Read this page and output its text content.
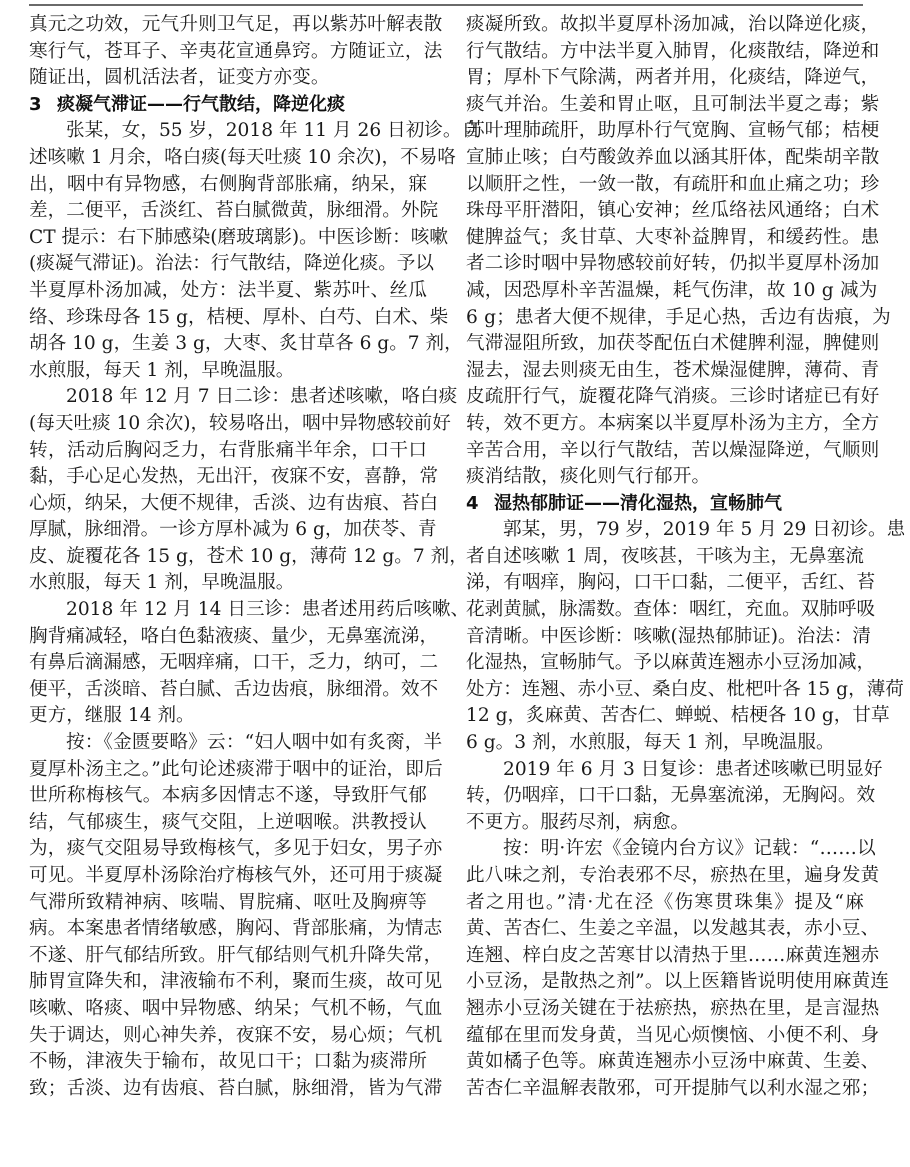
真元之功效，元气升则卫气足，再以紫苏叶解表散
寒行气，苍耳子、辛夷花宣通鼻窍。方随证立，法
随证出，圆机活法者，证变方亦变。
3 痰凝气滞证——行气散结，降逆化痰
张某，女，55 岁，2018 年 11 月 26 日初诊。自
述咳嗽 1 月余，咯白痰(每天吐痰 10 余次)，不易咯
出，咽中有异物感，右侧胸背部胀痛，纳呆，寐
差，二便平，舌淡红、苔白腻微黄，脉细滑。外院
CT 提示：右下肺感染(磨玻璃影)。中医诊断：咳嗽
(痰凝气滞证)。治法：行气散结，降逆化痰。予以
半夏厚朴汤加减，处方：法半夏、紫苏叶、丝瓜
络、珍珠母各 15 g，桔梗、厚朴、白芍、白术、柴
胡各 10 g，生姜 3 g，大枣、炙甘草各 6 g。7 剂，
水煎服，每天 1 剂，早晚温服。
2018 年 12 月 7 日二诊：患者述咳嗽，咯白痰
(每天吐痰 10 余次)，较易咯出，咽中异物感较前好
转，活动后胸闷乏力，右背胀痛半年余，口干口
黏，手心足心发热，无出汗，夜寐不安，喜静，常
心烦，纳呆，大便不规律，舌淡、边有齿痕、苔白
厚腻，脉细滑。一诊方厚朴减为 6 g，加茯苓、青
皮、旋覆花各 15 g，苍术 10 g，薄荷 12 g。7 剂，
水煎服，每天 1 剂，早晚温服。
2018 年 12 月 14 日三诊：患者述用药后咳嗽、
胸背痛减轻，咯白色黏液痰、量少，无鼻塞流涕，
有鼻后滴漏感，无咽痒痛，口干，乏力，纳可，二
便平，舌淡暗、苔白腻、舌边齿痕，脉细滑。效不
更方，继服 14 剂。
按：《金匮要略》云：“妇人咽中如有炙脔，半
夏厚朴汤主之。”此句论述痰滞于咽中的证治，即后
世所称梅核气。本病多因情志不遂，导致肝气郁
结，气郁痰生，痰气交阻，上逆咽喉。洪教授认
为，痰气交阻易导致梅核气，多见于妇女，男子亦
可见。半夏厚朴汤除治疗梅核气外，还可用于痰凝
气滞所致精神病、咳喘、胃脘痛、呕吐及胸痹等
病。本案患者情绪敏感，胸闷、背部胀痛，为情志
不遂、肝气郁结所致。肝气郁结则气机升降失常，
肺胃宣降失和，津液输布不利，聚而生痰，故可见
咳嗽、咯痰、咽中异物感、纳呆；气机不畅，气血
失于调达，则心神失养，夜寐不安，易心烦；气机
不畅，津液失于输布，故见口干；口黏为痰滞所
致；舌淡、边有齿痕、苔白腻，脉细滑，皆为气滞
痰凝所致。故拟半夏厚朴汤加减，治以降逆化痰，
行气散结。方中法半夏入肺胃，化痰散结，降逆和
胃；厚朴下气除满，两者并用，化痰结，降逆气，
痰气并治。生姜和胃止呕，且可制法半夏之毒；紫
苏叶理肺疏肝，助厚朴行气宽胸、宣畅气郁；桔梗
宣肺止咳；白芍酸敛养血以涵其肝体，配柴胡辛散
以顺肝之性，一敛一散，有疏肝和血止痛之功；珍
珠母平肝潜阳，镇心安神；丝瓜络祛风通络；白术
健脾益气；炙甘草、大枣补益脾胃，和缓药性。患
者二诊时咽中异物感较前好转，仍拟半夏厚朴汤加
减，因恐厚朴辛苦温燥，耗气伤津，故 10 g 减为
6 g；患者大便不规律，手足心热，舌边有齿痕，为
气滞湿阻所致，加茯苓配伍白术健脾利湿，脾健则
湿去，湿去则痰无由生，苍术燥湿健脾，薄荷、青
皮疏肝行气，旋覆花降气消痰。三诊时诸症已有好
转，效不更方。本病案以半夏厚朴汤为主方，全方
辛苦合用，辛以行气散结，苦以燥湿降逆，气顺则
痰消结散，痰化则气行郁开。
4 湿热郁肺证——清化湿热，宣畅肺气
郭某，男，79 岁，2019 年 5 月 29 日初诊。患
者自述咳嗽 1 周，夜咳甚，干咳为主，无鼻塞流
涕，有咽痒，胸闷，口干口黏，二便平，舌红、苔
花剥黄腻，脉濡数。查体：咽红，充血。双肺呼吸
音清晰。中医诊断：咳嗽(湿热郁肺证)。治法：清
化湿热，宣畅肺气。予以麻黄连翘赤小豆汤加减，
处方：连翘、赤小豆、桑白皮、枇杷叶各 15 g，薄荷
12 g，炙麻黄、苦杏仁、蝉蜕、桔梗各 10 g，甘草
6 g。3 剂，水煎服，每天 1 剂，早晚温服。
2019 年 6 月 3 日复诊：患者述咳嗽已明显好
转，仍咽痒，口干口黏，无鼻塞流涕，无胸闷。效
不更方。服药尽剂，病愈。
按：明·许宏《金镜内台方议》记载：“……以
此八味之剂，专治表邪不尽，瘀热在里，遍身发黄
者之用也。”清·尤在泾《伤寒贯珠集》提及“麻
黄、苦杏仁、生姜之辛温，以发越其表，赤小豆、
连翘、梓白皮之苦寒甘以清热于里……麻黄连翘赤
小豆汤，是散热之剂”。以上医籍皆说明使用麻黄连
翘赤小豆汤关键在于祛瘀热，瘀热在里，是言湿热
蕴郁在里而发身黄，当见心烦懊恼、小便不利、身
黄如橘子色等。麻黄连翘赤小豆汤中麻黄、生姜、
苦杏仁辛温解表散邪，可开提肺气以利水湿之邪；
